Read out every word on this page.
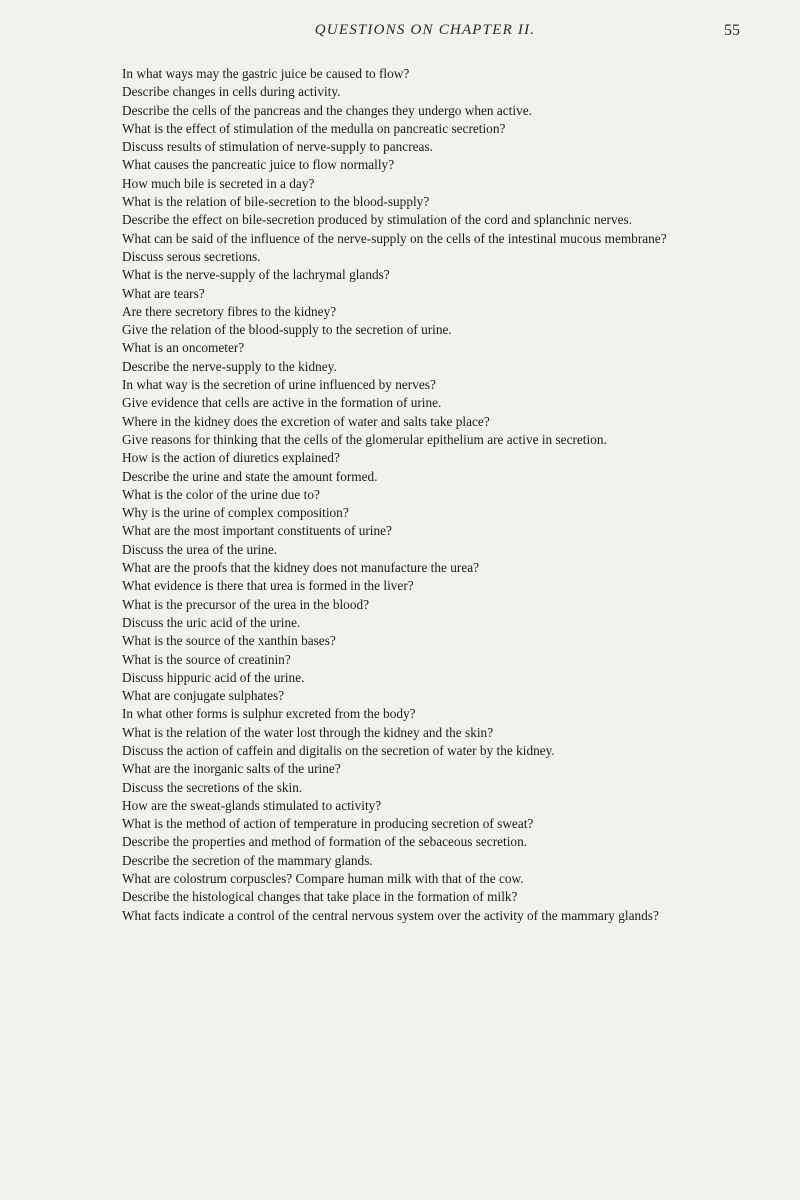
QUESTIONS ON CHAPTER II.	55
In what ways may the gastric juice be caused to flow?
Describe changes in cells during activity.
Describe the cells of the pancreas and the changes they undergo when active.
What is the effect of stimulation of the medulla on pancreatic secretion?
Discuss results of stimulation of nerve-supply to pancreas.
What causes the pancreatic juice to flow normally?
How much bile is secreted in a day?
What is the relation of bile-secretion to the blood-supply?
Describe the effect on bile-secretion produced by stimulation of the cord and splanchnic nerves.
What can be said of the influence of the nerve-supply on the cells of the intestinal mucous membrane?
Discuss serous secretions.
What is the nerve-supply of the lachrymal glands?
What are tears?
Are there secretory fibres to the kidney?
Give the relation of the blood-supply to the secretion of urine.
What is an oncometer?
Describe the nerve-supply to the kidney.
In what way is the secretion of urine influenced by nerves?
Give evidence that cells are active in the formation of urine.
Where in the kidney does the excretion of water and salts take place?
Give reasons for thinking that the cells of the glomerular epithelium are active in secretion.
How is the action of diuretics explained?
Describe the urine and state the amount formed.
What is the color of the urine due to?
Why is the urine of complex composition?
What are the most important constituents of urine?
Discuss the urea of the urine.
What are the proofs that the kidney does not manufacture the urea?
What evidence is there that urea is formed in the liver?
What is the precursor of the urea in the blood?
Discuss the uric acid of the urine.
What is the source of the xanthin bases?
What is the source of creatinin?
Discuss hippuric acid of the urine.
What are conjugate sulphates?
In what other forms is sulphur excreted from the body?
What is the relation of the water lost through the kidney and the skin?
Discuss the action of caffein and digitalis on the secretion of water by the kidney.
What are the inorganic salts of the urine?
Discuss the secretions of the skin.
How are the sweat-glands stimulated to activity?
What is the method of action of temperature in producing secretion of sweat?
Describe the properties and method of formation of the sebaceous secretion.
Describe the secretion of the mammary glands.
What are colostrum corpuscles? Compare human milk with that of the cow.
Describe the histological changes that take place in the formation of milk?
What facts indicate a control of the central nervous system over the activity of the mammary glands?
